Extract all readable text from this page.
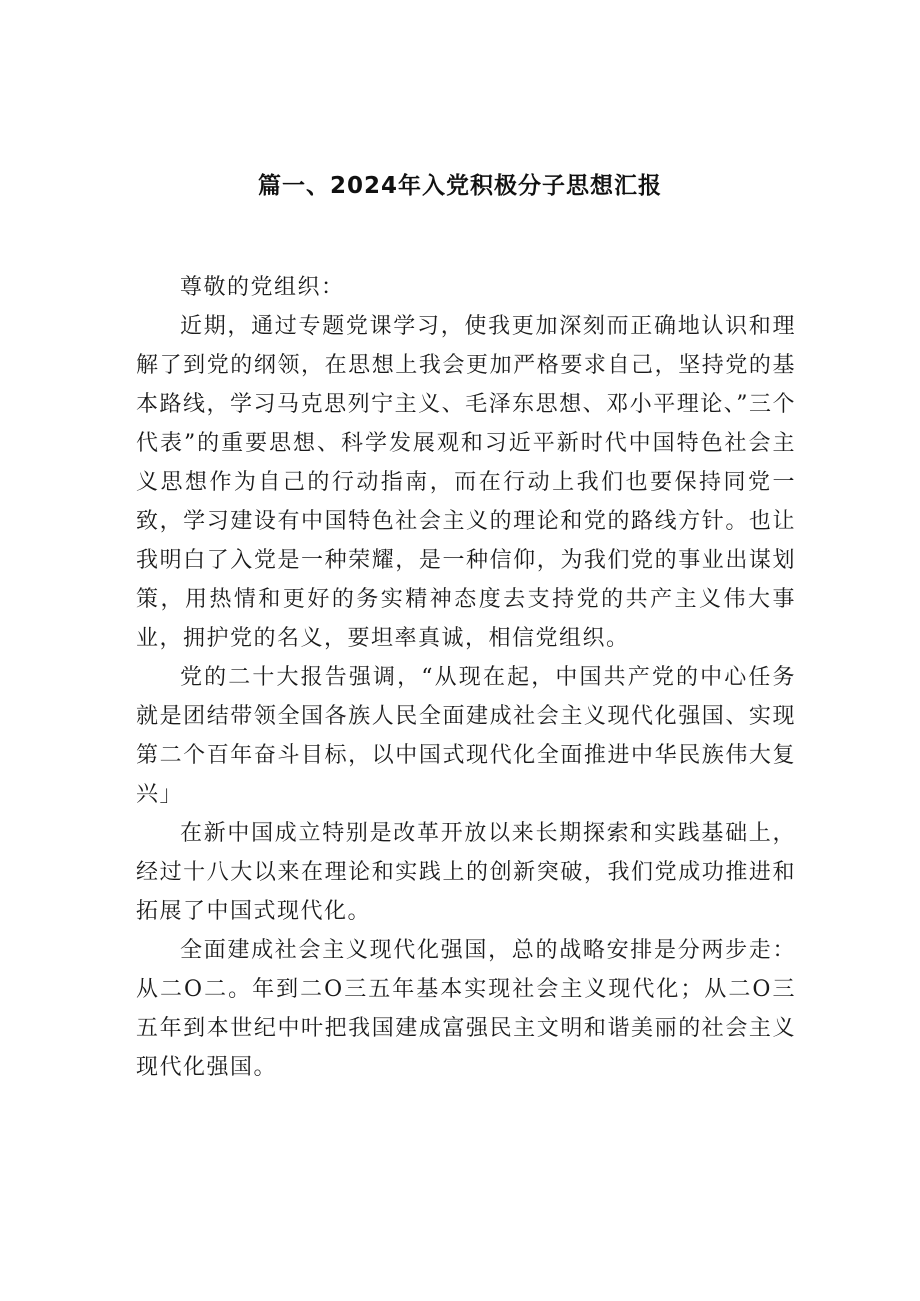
篇一、2024年入党积极分子思想汇报

尊敬的党组织：

近期，通过专题党课学习，使我更加深刻而正确地认识和理解了到党的纲领，在思想上我会更加严格要求自己，坚持党的基本路线，学习马克思列宁主义、毛泽东思想、邓小平理论、”三个代表”的重要思想、科学发展观和习近平新时代中国特色社会主义思想作为自己的行动指南，而在行动上我们也要保持同党一致，学习建设有中国特色社会主义的理论和党的路线方针。也让我明白了入党是一种荣耀，是一种信仰，为我们党的事业出谋划策，用热情和更好的务实精神态度去支持党的共产主义伟大事业，拥护党的名义，要坦率真诚，相信党组织。

党的二十大报告强调，“从现在起，中国共产党的中心任务就是团结带领全国各族人民全面建成社会主义现代化强国、实现第二个百年奋斗目标，以中国式现代化全面推进中华民族伟大复兴」

在新中国成立特别是改革开放以来长期探索和实践基础上，经过十八大以来在理论和实践上的创新突破，我们党成功推进和拓展了中国式现代化。

全面建成社会主义现代化强国，总的战略安排是分两步走：从二O二。年到二O三五年基本实现社会主义现代化；从二O三五年到本世纪中叶把我国建成富强民主文明和谐美丽的社会主义现代化强国。
